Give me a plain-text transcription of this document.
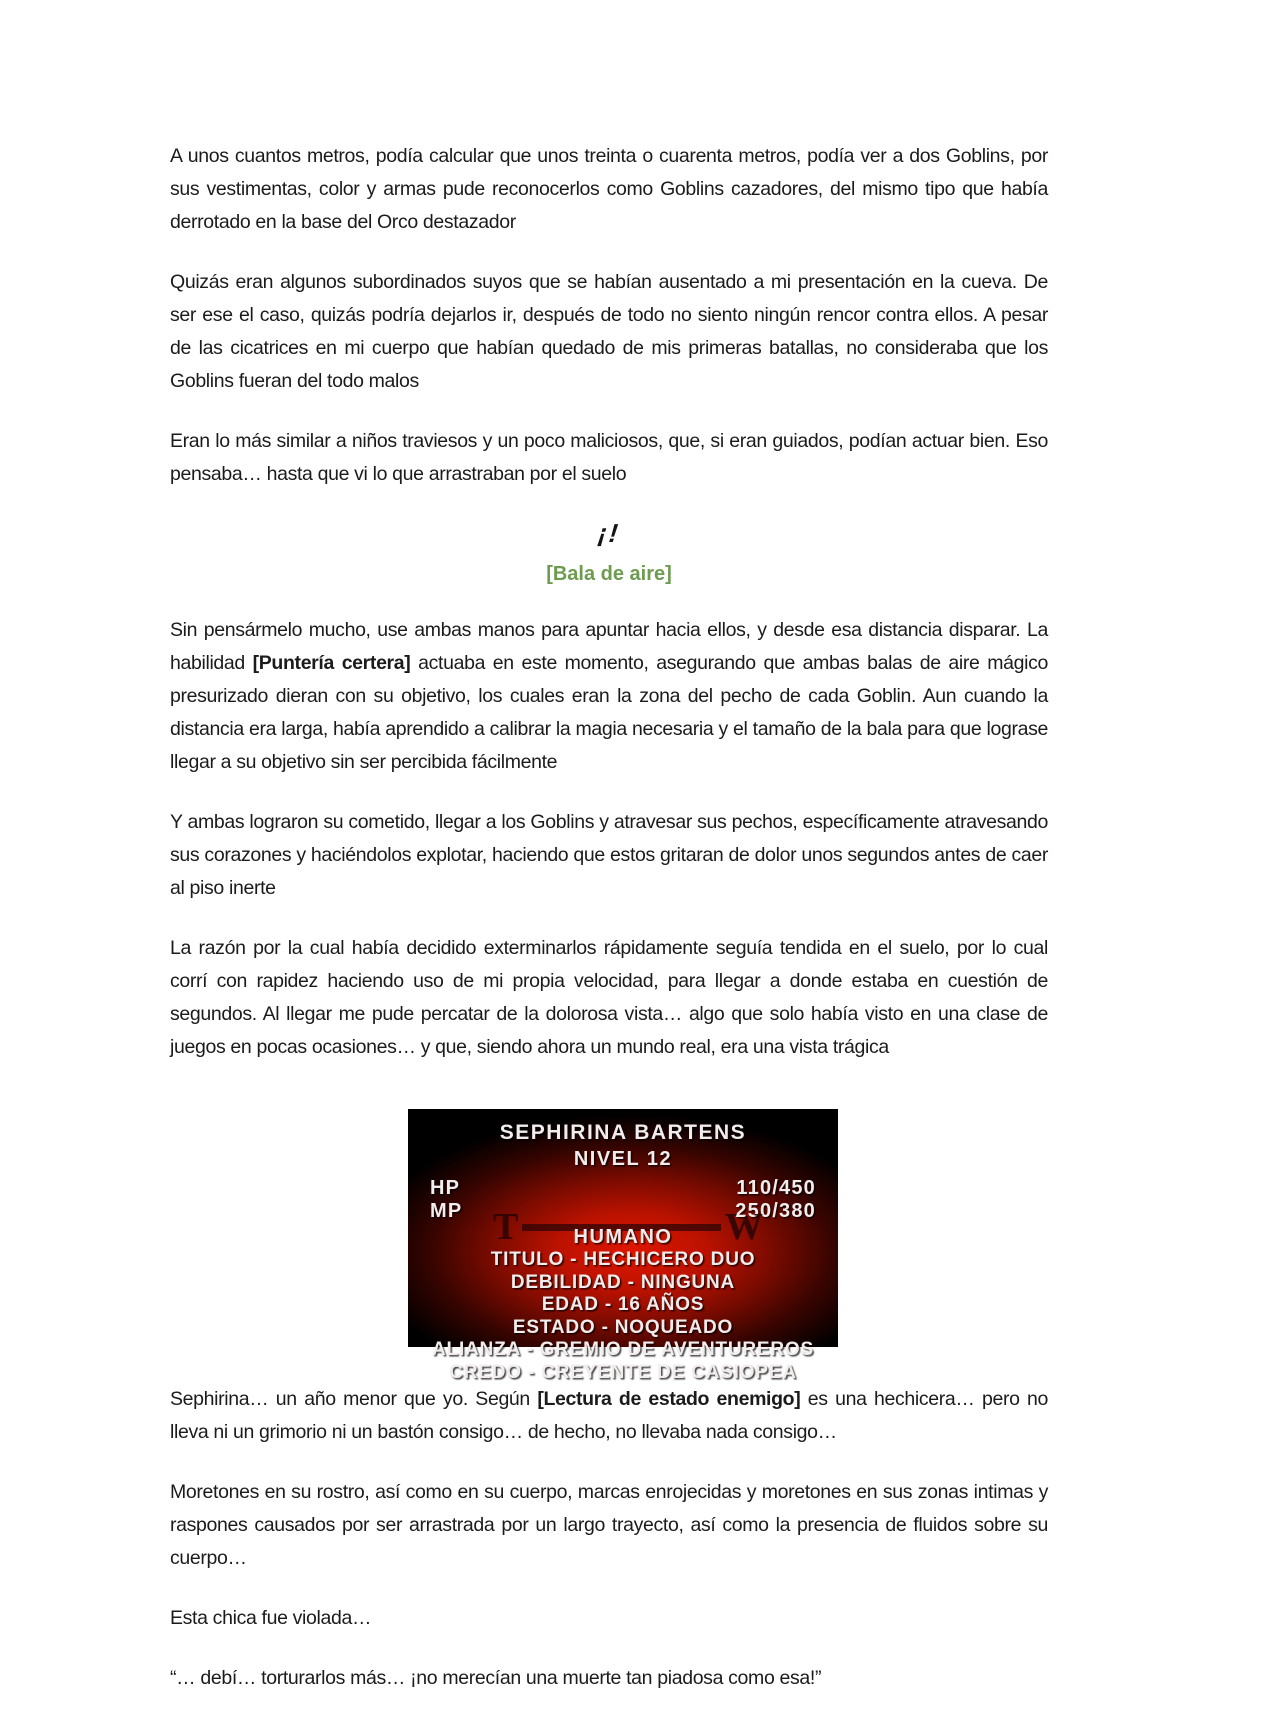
A unos cuantos metros, podía calcular que unos treinta o cuarenta metros, podía ver a dos Goblins, por sus vestimentas, color y armas pude reconocerlos como Goblins cazadores, del mismo tipo que había derrotado en la base del Orco destazador

Quizás eran algunos subordinados suyos que se habían ausentado a mi presentación en la cueva. De ser ese el caso, quizás podría dejarlos ir, después de todo no siento ningún rencor contra ellos. A pesar de las cicatrices en mi cuerpo que habían quedado de mis primeras batallas, no consideraba que los Goblins fueran del todo malos

Eran lo más similar a niños traviesos y un poco maliciosos, que, si eran guiados, podían actuar bien. Eso pensaba… hasta que vi lo que arrastraban por el suelo

¡!
[Bala de aire]

Sin pensármelo mucho, use ambas manos para apuntar hacia ellos, y desde esa distancia disparar. La habilidad [Puntería certera] actuaba en este momento, asegurando que ambas balas de aire mágico presurizado dieran con su objetivo, los cuales eran la zona del pecho de cada Goblin. Aun cuando la distancia era larga, había aprendido a calibrar la magia necesaria y el tamaño de la bala para que lograse llegar a su objetivo sin ser percibida fácilmente

Y ambas lograron su cometido, llegar a los Goblins y atravesar sus pechos, específicamente atravesando sus corazones y haciéndolos explotar, haciendo que estos gritaran de dolor unos segundos antes de caer al piso inerte

La razón por la cual había decidido exterminarlos rápidamente seguía tendida en el suelo, por lo cual corrí con rapidez haciendo uso de mi propia velocidad, para llegar a donde estaba en cuestión de segundos. Al llegar me pude percatar de la dolorosa vista… algo que solo había visto en una clase de juegos en pocas ocasiones… y que, siendo ahora un mundo real, era una vista trágica

SEPHIRINA BARTENS
NIVEL 12
HP	110/450
MP	250/380
T	W
HUMANO
TITULO - HECHICERO DUO
DEBILIDAD - NINGUNA
EDAD - 16 AÑOS
ESTADO - NOQUEADO
ALIANZA - GREMIO DE AVENTUREROS
CREDO - CREYENTE DE CASIOPEA

Sephirina… un año menor que yo. Según [Lectura de estado enemigo] es una hechicera… pero no lleva ni un grimorio ni un bastón consigo… de hecho, no llevaba nada consigo…

Moretones en su rostro, así como en su cuerpo, marcas enrojecidas y moretones en sus zonas intimas y raspones causados por ser arrastrada por un largo trayecto, así como la presencia de fluidos sobre su cuerpo…

Esta chica fue violada…

“… debí… torturarlos más… ¡no merecían una muerte tan piadosa como esa!”
